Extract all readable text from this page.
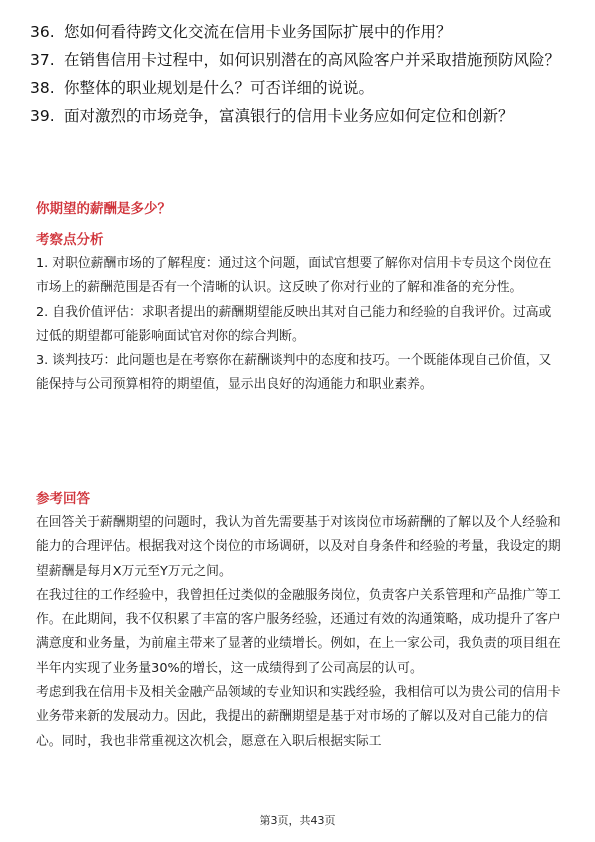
36. 您如何看待跨文化交流在信用卡业务国际扩展中的作用？
37. 在销售信用卡过程中，如何识别潜在的高风险客户并采取措施预防风险？
38. 你整体的职业规划是什么？可否详细的说说。
39. 面对激烈的市场竞争，富滇银行的信用卡业务应如何定位和创新？
你期望的薪酬是多少？
考察点分析

1. 对职位薪酬市场的了解程度：通过这个问题，面试官想要了解你对信用卡专员这个岗位在市场上的薪酬范围是否有一个清晰的认识。这反映了你对行业的了解和准备的充分性。

2. 自我价值评估：求职者提出的薪酬期望能反映出其对自己能力和经验的自我评价。过高或过低的期望都可能影响面试官对你的综合判断。

3. 谈判技巧：此问题也是在考察你在薪酬谈判中的态度和技巧。一个既能体现自己价值，又能保持与公司预算相符的期望值，显示出良好的沟通能力和职业素养。

参考回答

在回答关于薪酬期望的问题时，我认为首先需要基于对该岗位市场薪酬的了解以及个人经验和能力的合理评估。根据我对这个岗位的市场调研，以及对自身条件和经验的考量，我设定的期望薪酬是每月X万元至Y万元之间。

在我过往的工作经验中，我曾担任过类似的金融服务岗位，负责客户关系管理和产品推广等工作。在此期间，我不仅积累了丰富的客户服务经验，还通过有效的沟通策略，成功提升了客户满意度和业务量，为前雇主带来了显著的业绩增长。例如，在上一家公司，我负责的项目组在半年内实现了业务量30%的增长，这一成绩得到了公司高层的认可。

考虑到我在信用卡及相关金融产品领域的专业知识和实践经验，我相信可以为贵公司的信用卡业务带来新的发展动力。因此，我提出的薪酬期望是基于对市场的了解以及对自己能力的信心。同时，我也非常重视这次机会，愿意在入职后根据实际工

第3页，共43页
